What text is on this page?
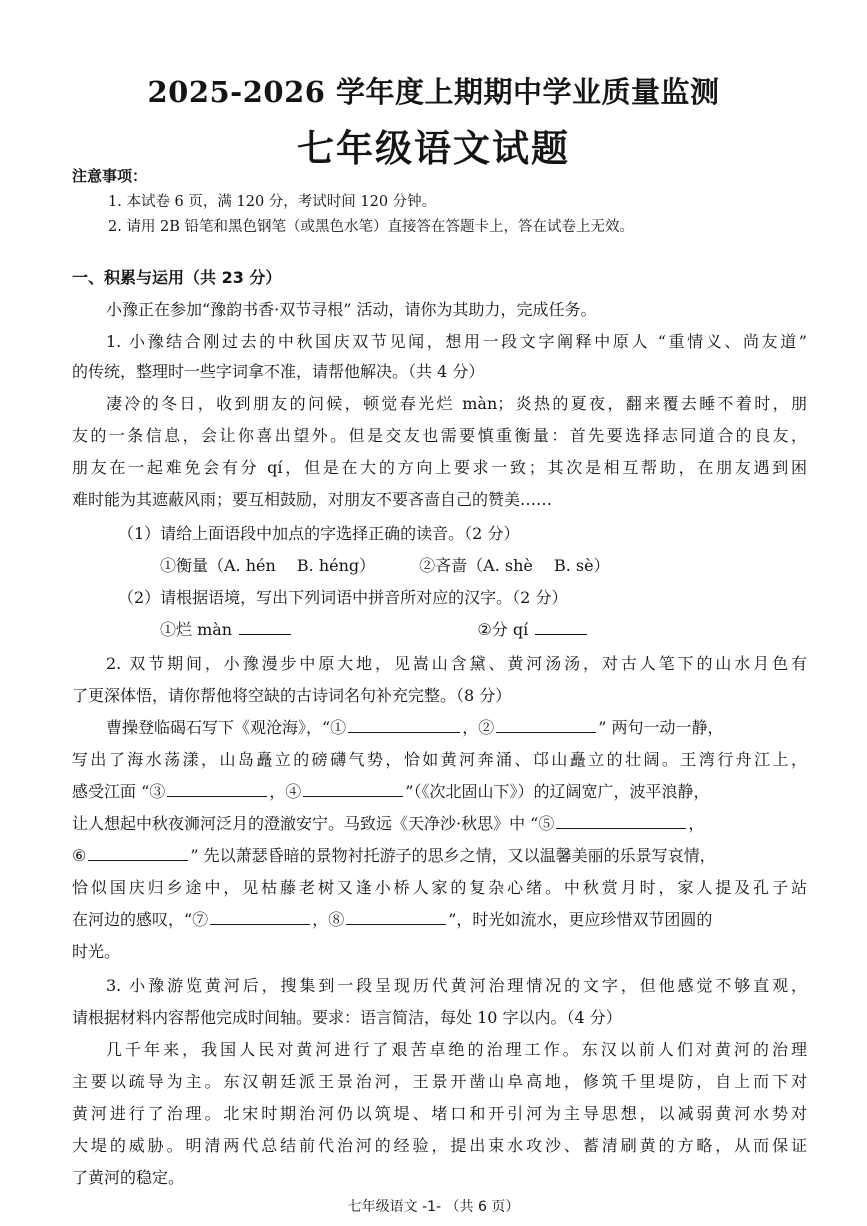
2025-2026 学年度上期期中学业质量监测
七年级语文试题
注意事项：
1. 本试卷 6 页，满 120 分，考试时间 120 分钟。
2. 请用 2B 铅笔和黑色钢笔（或黑色水笔）直接答在答题卡上，答在试卷上无效。
一、积累与运用（共 23 分）
小豫正在参加“豫韵书香·双节寻根” 活动，请你为其助力，完成任务。
1. 小豫结合刚过去的中秋国庆双节见闻，想用一段文字阐释中原人 “重情义、尚友道”
的传统，整理时一些字词拿不准，请帮他解决。（共 4 分）
凄冷的冬日，收到朋友的问候，顿觉春光烂 màn；炎热的夏夜，翻来覆去睡不着时，朋
友的一条信息，会让你喜出望外。但是交友也需要慎重衡量：首先要选择志同道合的良友，
朋友在一起难免会有分 qí，但是在大的方向上要求一致；其次是相互帮助，在朋友遇到困
难时能为其遮蔽风雨；要互相鼓励，对朋友不要吝啬自己的赞美……
（1）请给上面语段中加点的字选择正确的读音。（2 分）
①衡量（A. hén　 B. héng）	②吝啬（A. shè　 B. sè）
（2）请根据语境，写出下列词语中拼音所对应的汉字。（2 分）
①烂 màn	②分 qí
2. 双节期间，小豫漫步中原大地，见嵩山含黛、黄河汤汤，对古人笔下的山水月色有
了更深体悟，请你帮他将空缺的古诗词名句补充完整。（8 分）
曹操登临碣石写下《观沧海》，“①	，②	” 两句一动一静，
写出了海水荡漾，山岛矗立的磅礴气势，恰如黄河奔涌、邙山矗立的壮阔。王湾行舟江上，
感受江面 “③	，④	”（《次北固山下》）的辽阔宽广，波平浪静，
让人想起中秋夜浉河泛月的澄澈安宁。马致远《天净沙·秋思》中 “⑤	，
⑥	” 先以萧瑟昏暗的景物衬托游子的思乡之情，又以温馨美丽的乐景写哀情，
恰似国庆归乡途中，见枯藤老树又逢小桥人家的复杂心绪。中秋赏月时，家人提及孔子站
在河边的感叹，“⑦	，⑧	”，时光如流水，更应珍惜双节团圆的
时光。
3. 小豫游览黄河后，搜集到一段呈现历代黄河治理情况的文字，但他感觉不够直观，
请根据材料内容帮他完成时间轴。要求：语言简洁，每处 10 字以内。（4 分）
几千年来，我国人民对黄河进行了艰苦卓绝的治理工作。东汉以前人们对黄河的治理
主要以疏导为主。东汉朝廷派王景治河，王景开凿山阜高地，修筑千里堤防，自上而下对
黄河进行了治理。北宋时期治河仍以筑堤、堵口和开引河为主导思想，以减弱黄河水势对
大堤的威胁。明清两代总结前代治河的经验，提出束水攻沙、蓄清刷黄的方略，从而保证
了黄河的稳定。
七年级语文 -1- （共 6 页）
